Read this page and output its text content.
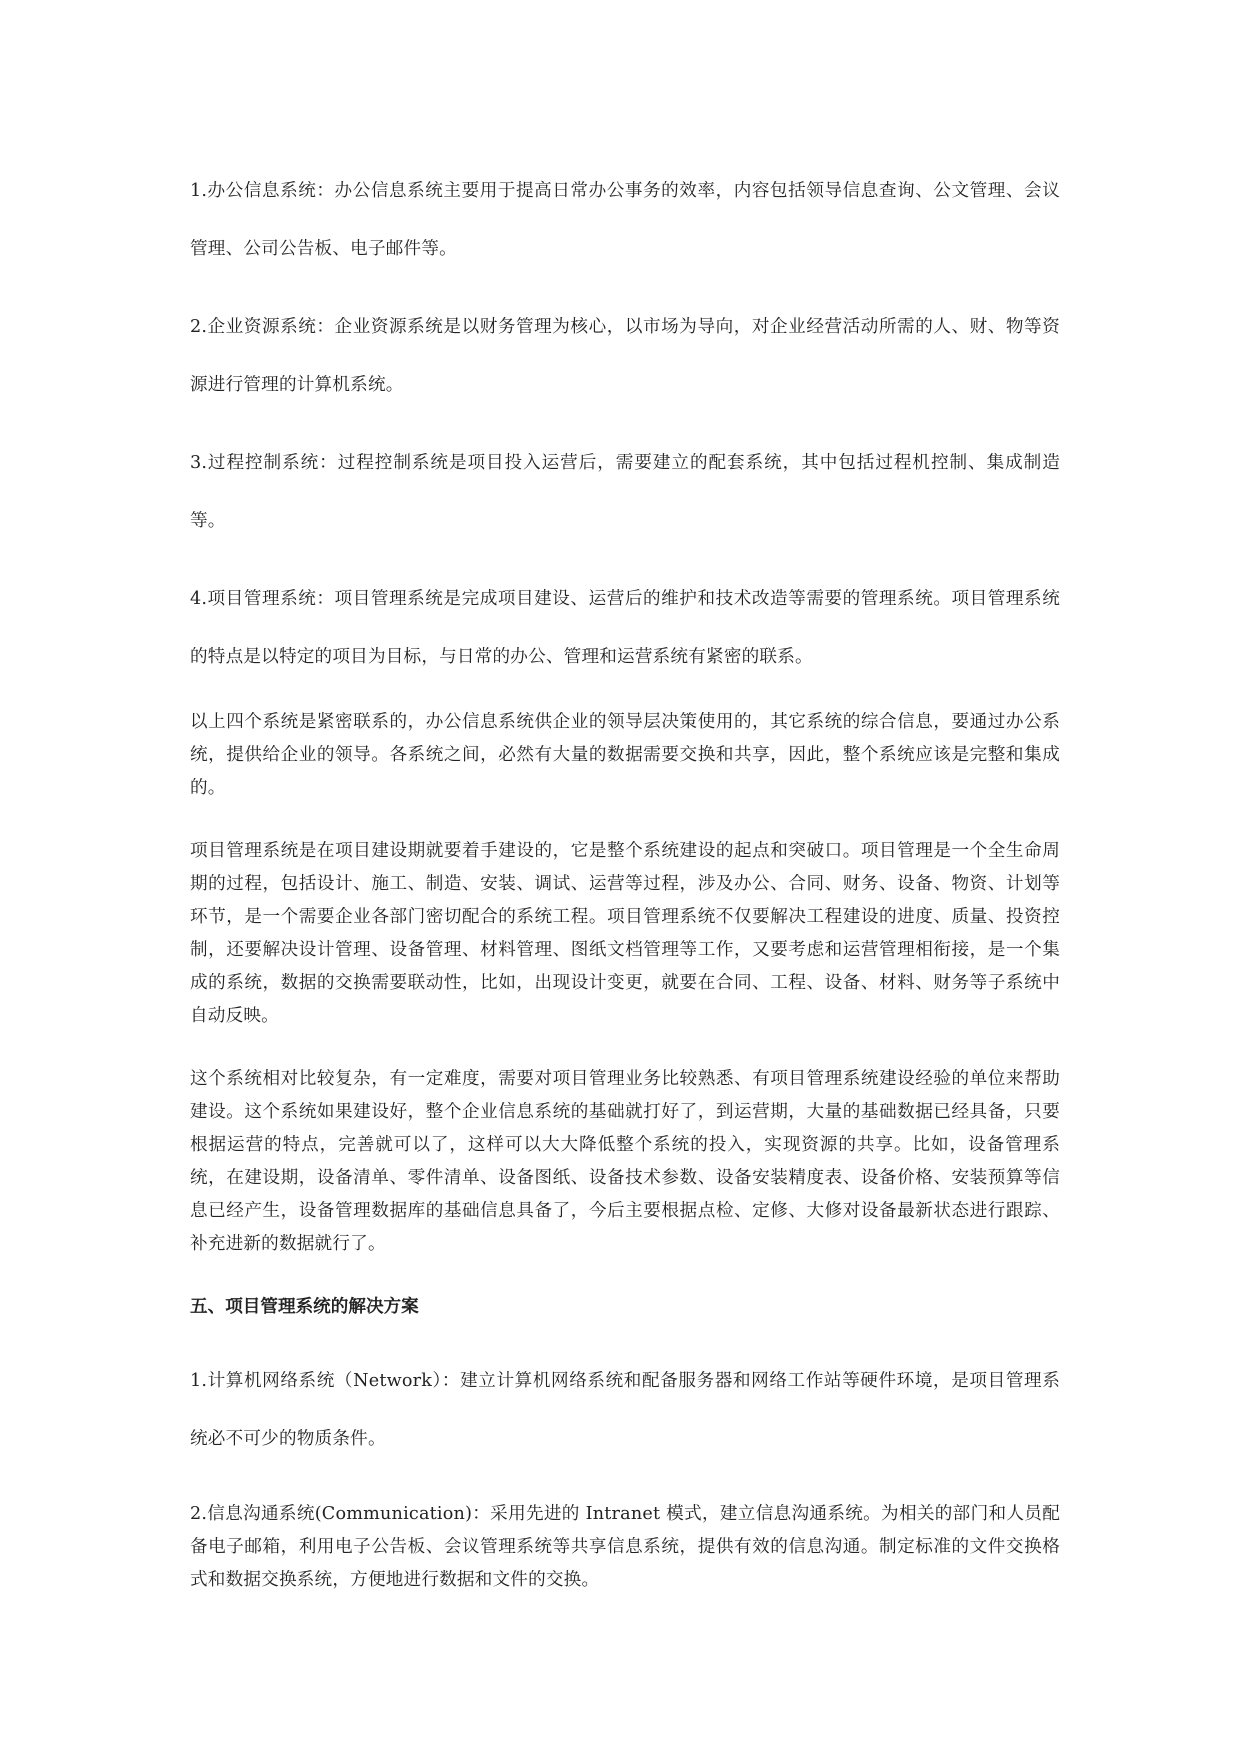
1.办公信息系统：办公信息系统主要用于提高日常办公事务的效率，内容包括领导信息查询、公文管理、会议管理、公司公告板、电子邮件等。

2.企业资源系统：企业资源系统是以财务管理为核心，以市场为导向，对企业经营活动所需的人、财、物等资源进行管理的计算机系统。

3.过程控制系统：过程控制系统是项目投入运营后，需要建立的配套系统，其中包括过程机控制、集成制造等。

4.项目管理系统：项目管理系统是完成项目建设、运营后的维护和技术改造等需要的管理系统。项目管理系统的特点是以特定的项目为目标，与日常的办公、管理和运营系统有紧密的联系。

以上四个系统是紧密联系的，办公信息系统供企业的领导层决策使用的，其它系统的综合信息，要通过办公系统，提供给企业的领导。各系统之间，必然有大量的数据需要交换和共享，因此，整个系统应该是完整和集成的。

项目管理系统是在项目建设期就要着手建设的，它是整个系统建设的起点和突破口。项目管理是一个全生命周期的过程，包括设计、施工、制造、安装、调试、运营等过程，涉及办公、合同、财务、设备、物资、计划等环节，是一个需要企业各部门密切配合的系统工程。项目管理系统不仅要解决工程建设的进度、质量、投资控制，还要解决设计管理、设备管理、材料管理、图纸文档管理等工作，又要考虑和运营管理相衔接，是一个集成的系统，数据的交换需要联动性，比如，出现设计变更，就要在合同、工程、设备、材料、财务等子系统中自动反映。

这个系统相对比较复杂，有一定难度，需要对项目管理业务比较熟悉、有项目管理系统建设经验的单位来帮助建设。这个系统如果建设好，整个企业信息系统的基础就打好了，到运营期，大量的基础数据已经具备，只要根据运营的特点，完善就可以了，这样可以大大降低整个系统的投入，实现资源的共享。比如，设备管理系统，在建设期，设备清单、零件清单、设备图纸、设备技术参数、设备安装精度表、设备价格、安装预算等信息已经产生，设备管理数据库的基础信息具备了，今后主要根据点检、定修、大修对设备最新状态进行跟踪、补充进新的数据就行了。

五、项目管理系统的解决方案

1.计算机网络系统（Network）：建立计算机网络系统和配备服务器和网络工作站等硬件环境，是项目管理系统必不可少的物质条件。

2.信息沟通系统(Communication)：采用先进的 Intranet 模式，建立信息沟通系统。为相关的部门和人员配备电子邮箱，利用电子公告板、会议管理系统等共享信息系统，提供有效的信息沟通。制定标准的文件交换格式和数据交换系统，方便地进行数据和文件的交换。
